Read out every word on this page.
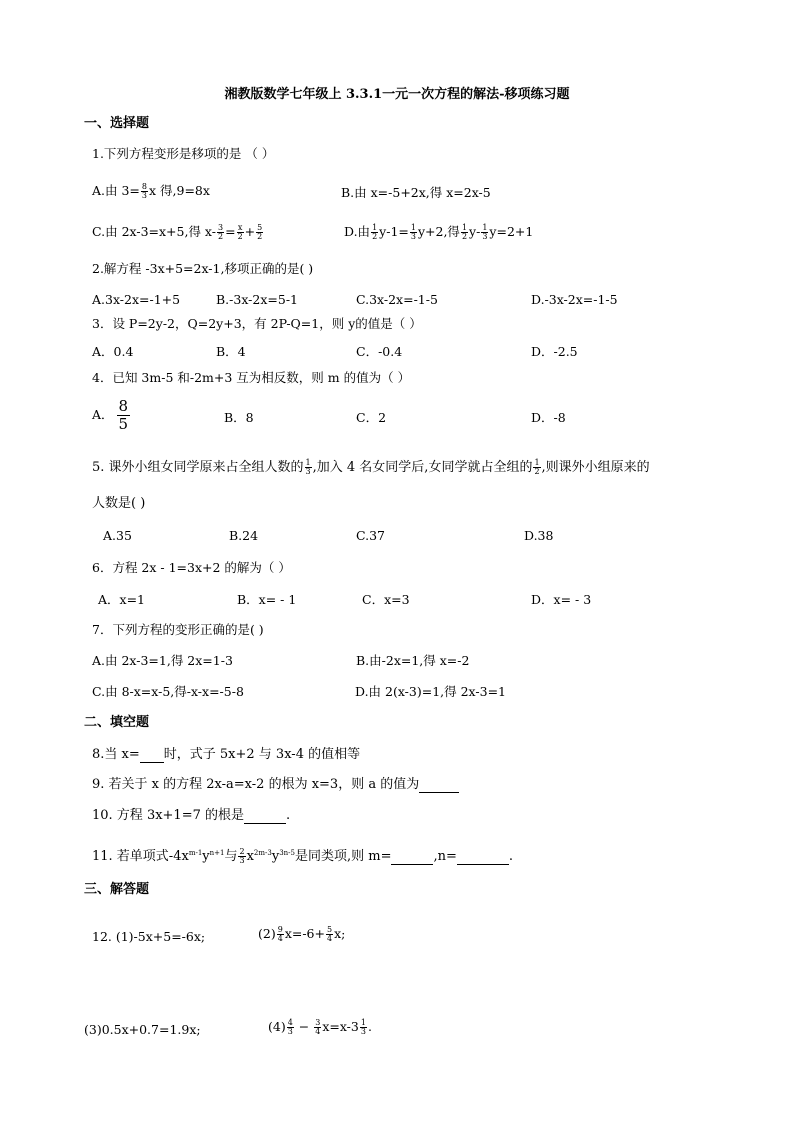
湘教版数学七年级上 3.3.1一元一次方程的解法-移项练习题
一、选择题
1.下列方程变形是移项的是 （ ）
A.由 $3= \frac{8}{3}$ x 得,9=8x	B.由 x=-5+2x,得 x=2x-5
C.由 2x-3=x+5,得 $x- \frac{3}{2} = \frac{x}{2} + \frac{5}{2}$	D.由 $\frac{1}{2} y-1= \frac{1}{3} y+2$,得 $\frac{1}{2} y- \frac{1}{3} y=2+1$
2.解方程 -3x+5=2x-1,移项正确的是( )
A.3x-2x=-1+5	B.-3x-2x=5-1	C.3x-2x=-1-5	D.-3x-2x=-1-5
3．设 P=2y-2，Q=2y+3，有 2P-Q=1，则 y的值是（ ）
A．0.4	B．4	C．-0.4	D．-2.5
4．已知 3m-5 和-2m+3 互为相反数，则 m 的值为（ ）
A． $\frac{8}{5}$	B．8	C．2	D．-8
5. 课外小组女同学原来占全组人数的 $\frac{1}{3}$ ,加入 4 名女同学后,女同学就占全组的 $\frac{1}{2}$ ,则课外小组原来的
人数是( )
A.35	B.24	C.37	D.38
6．方程 2x - 1=3x+2 的解为（ ）
A．x=1	B．x= - 1	C．x=3	D．x= - 3
7．下列方程的变形正确的是( )
A.由 2x-3=1,得 2x=1-3	B.由-2x=1,得 x=-2
C.由 8-x=x-5,得-x-x=-5-8	D.由 2(x-3)=1,得 2x-3=1
二、填空题
8.当 x= 时，式子 5x+2 与 3x-4 的值相等
9. 若关于 x 的方程 2x-a=x-2 的根为 x=3，则 a 的值为
10. 方程 3x+1=7 的根是	.
11. 若单项式$-4x^{m-1}y^{n+1}$与 $\frac{2}{3} x^{2m-3}y^{3n-5}$是同类项,则 m=	,n=	.
三、解答题
12. (1)-5x+5=-6x;	$(2) \frac{9}{4} x=-6+ \frac{5}{4} x$;
(3)0.5x+0.7=1.9x;	$(4) \frac{4}{3} - \frac{3}{4} x=x-3 \frac{1}{3}$ .
